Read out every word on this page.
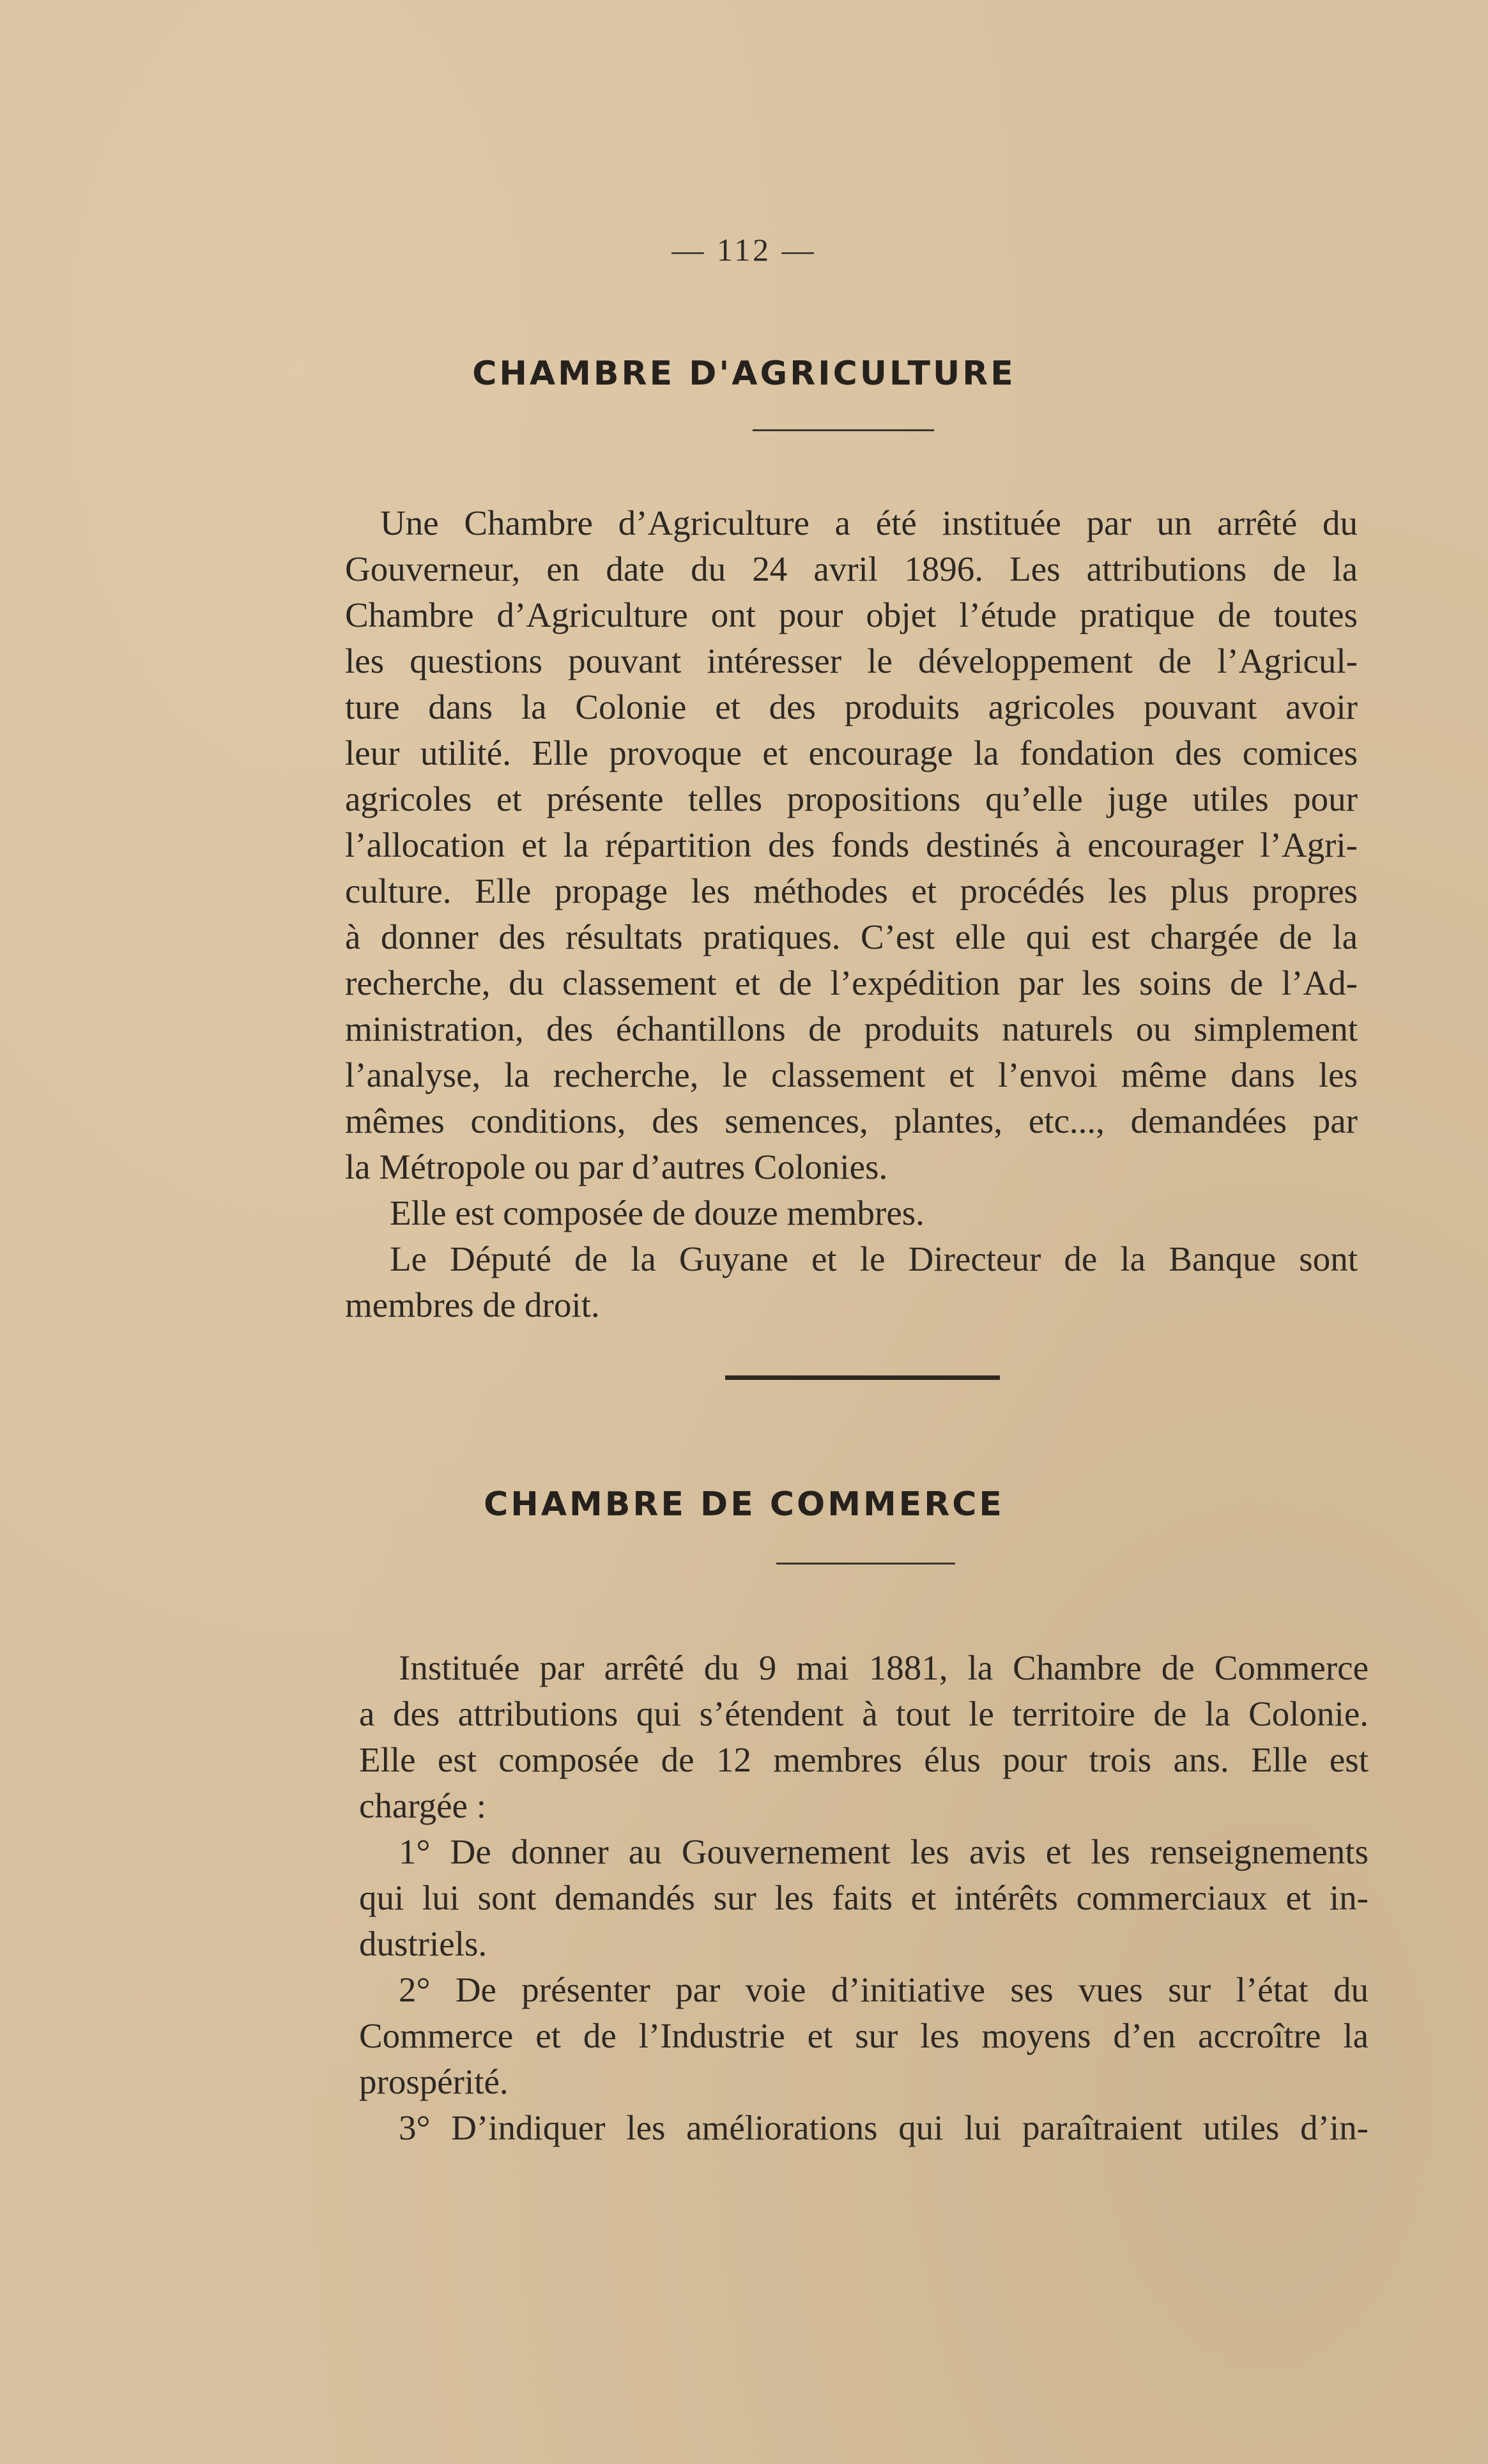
— 112 —
CHAMBRE D'AGRICULTURE
Une Chambre d’Agriculture a été instituée par un arrêté du
Gouverneur, en date du 24 avril 1896. Les attributions de la
Chambre d’Agriculture ont pour objet l’étude pratique de toutes
les questions pouvant intéresser le développement de l’Agricul-
ture dans la Colonie et des produits agricoles pouvant avoir
leur utilité. Elle provoque et encourage la fondation des comices
agricoles et présente telles propositions qu’elle juge utiles pour
l’allocation et la répartition des fonds destinés à encourager l’Agri-
culture. Elle propage les méthodes et procédés les plus propres
à donner des résultats pratiques. C’est elle qui est chargée de la
recherche, du classement et de l’expédition par les soins de l’Ad-
ministration, des échantillons de produits naturels ou simplement
l’analyse, la recherche, le classement et l’envoi même dans les
mêmes conditions, des semences, plantes, etc..., demandées par
la Métropole ou par d’autres Colonies.
Elle est composée de douze membres.
Le Député de la Guyane et le Directeur de la Banque sont
membres de droit.
CHAMBRE DE COMMERCE
Instituée par arrêté du 9 mai 1881, la Chambre de Commerce
a des attributions qui s’étendent à tout le territoire de la Colonie.
Elle est composée de 12 membres élus pour trois ans. Elle est
chargée :
1° De donner au Gouvernement les avis et les renseignements
qui lui sont demandés sur les faits et intérêts commerciaux et in-
dustriels.
2° De présenter par voie d’initiative ses vues sur l’état du
Commerce et de l’Industrie et sur les moyens d’en accroître la
prospérité.
3° D’indiquer les améliorations qui lui paraîtraient utiles d’in-
